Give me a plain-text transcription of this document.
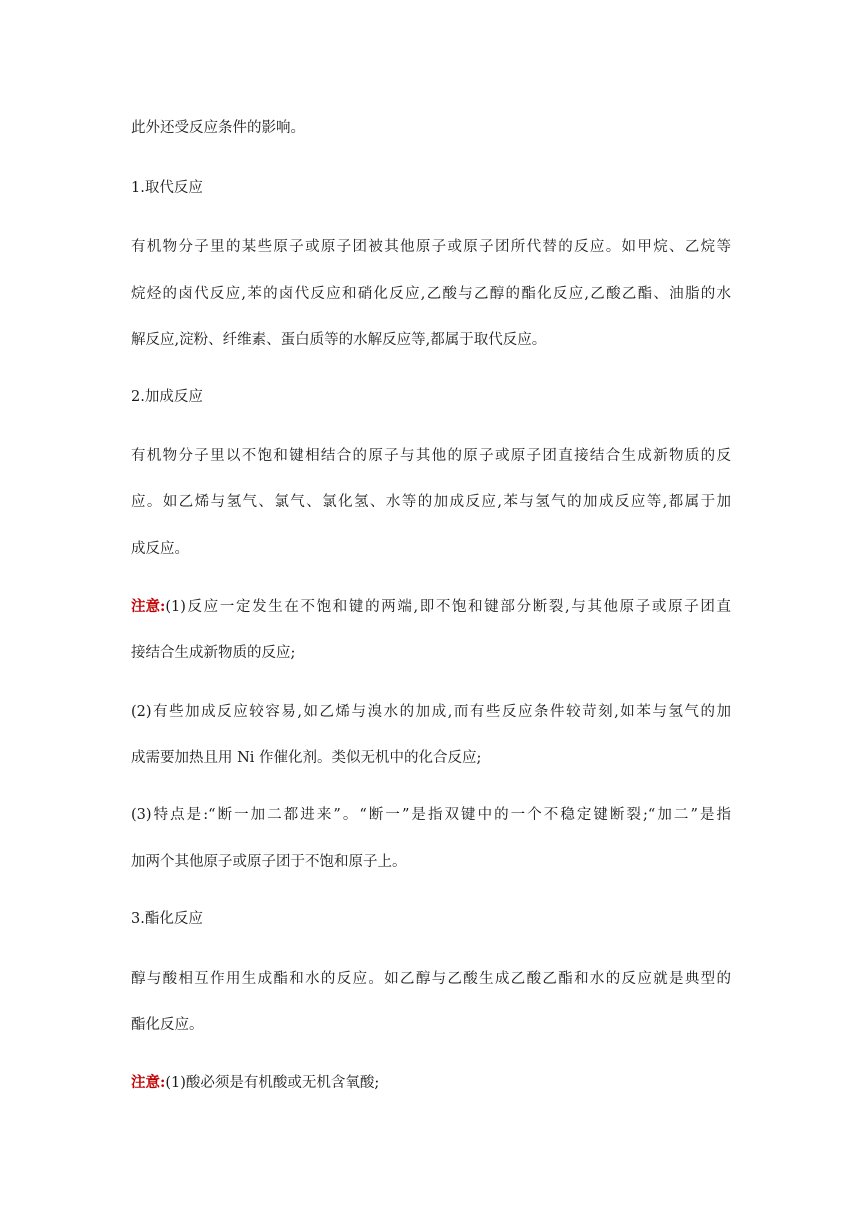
此外还受反应条件的影响。
1.取代反应
有机物分子里的某些原子或原子团被其他原子或原子团所代替的反应。如甲烷、乙烷等
烷烃的卤代反应,苯的卤代反应和硝化反应,乙酸与乙醇的酯化反应,乙酸乙酯、油脂的水
解反应,淀粉、纤维素、蛋白质等的水解反应等,都属于取代反应。
2.加成反应
有机物分子里以不饱和键相结合的原子与其他的原子或原子团直接结合生成新物质的反
应。如乙烯与氢气、氯气、氯化氢、水等的加成反应,苯与氢气的加成反应等,都属于加
成反应。
注意: (1)反应一定发生在不饱和键的两端,即不饱和键部分断裂,与其他原子或原子团直
接结合生成新物质的反应;
(2)有些加成反应较容易,如乙烯与溴水的加成,而有些反应条件较苛刻,如苯与氢气的加
成需要加热且用 Ni 作催化剂。类似无机中的化合反应;
(3)特点是:“断一加二都进来”。“断一”是指双键中的一个不稳定键断裂;“加二”是指
加两个其他原子或原子团于不饱和原子上。
3.酯化反应
醇与酸相互作用生成酯和水的反应。如乙醇与乙酸生成乙酸乙酯和水的反应就是典型的
酯化反应。
注意:(1)酸必须是有机酸或无机含氧酸;
